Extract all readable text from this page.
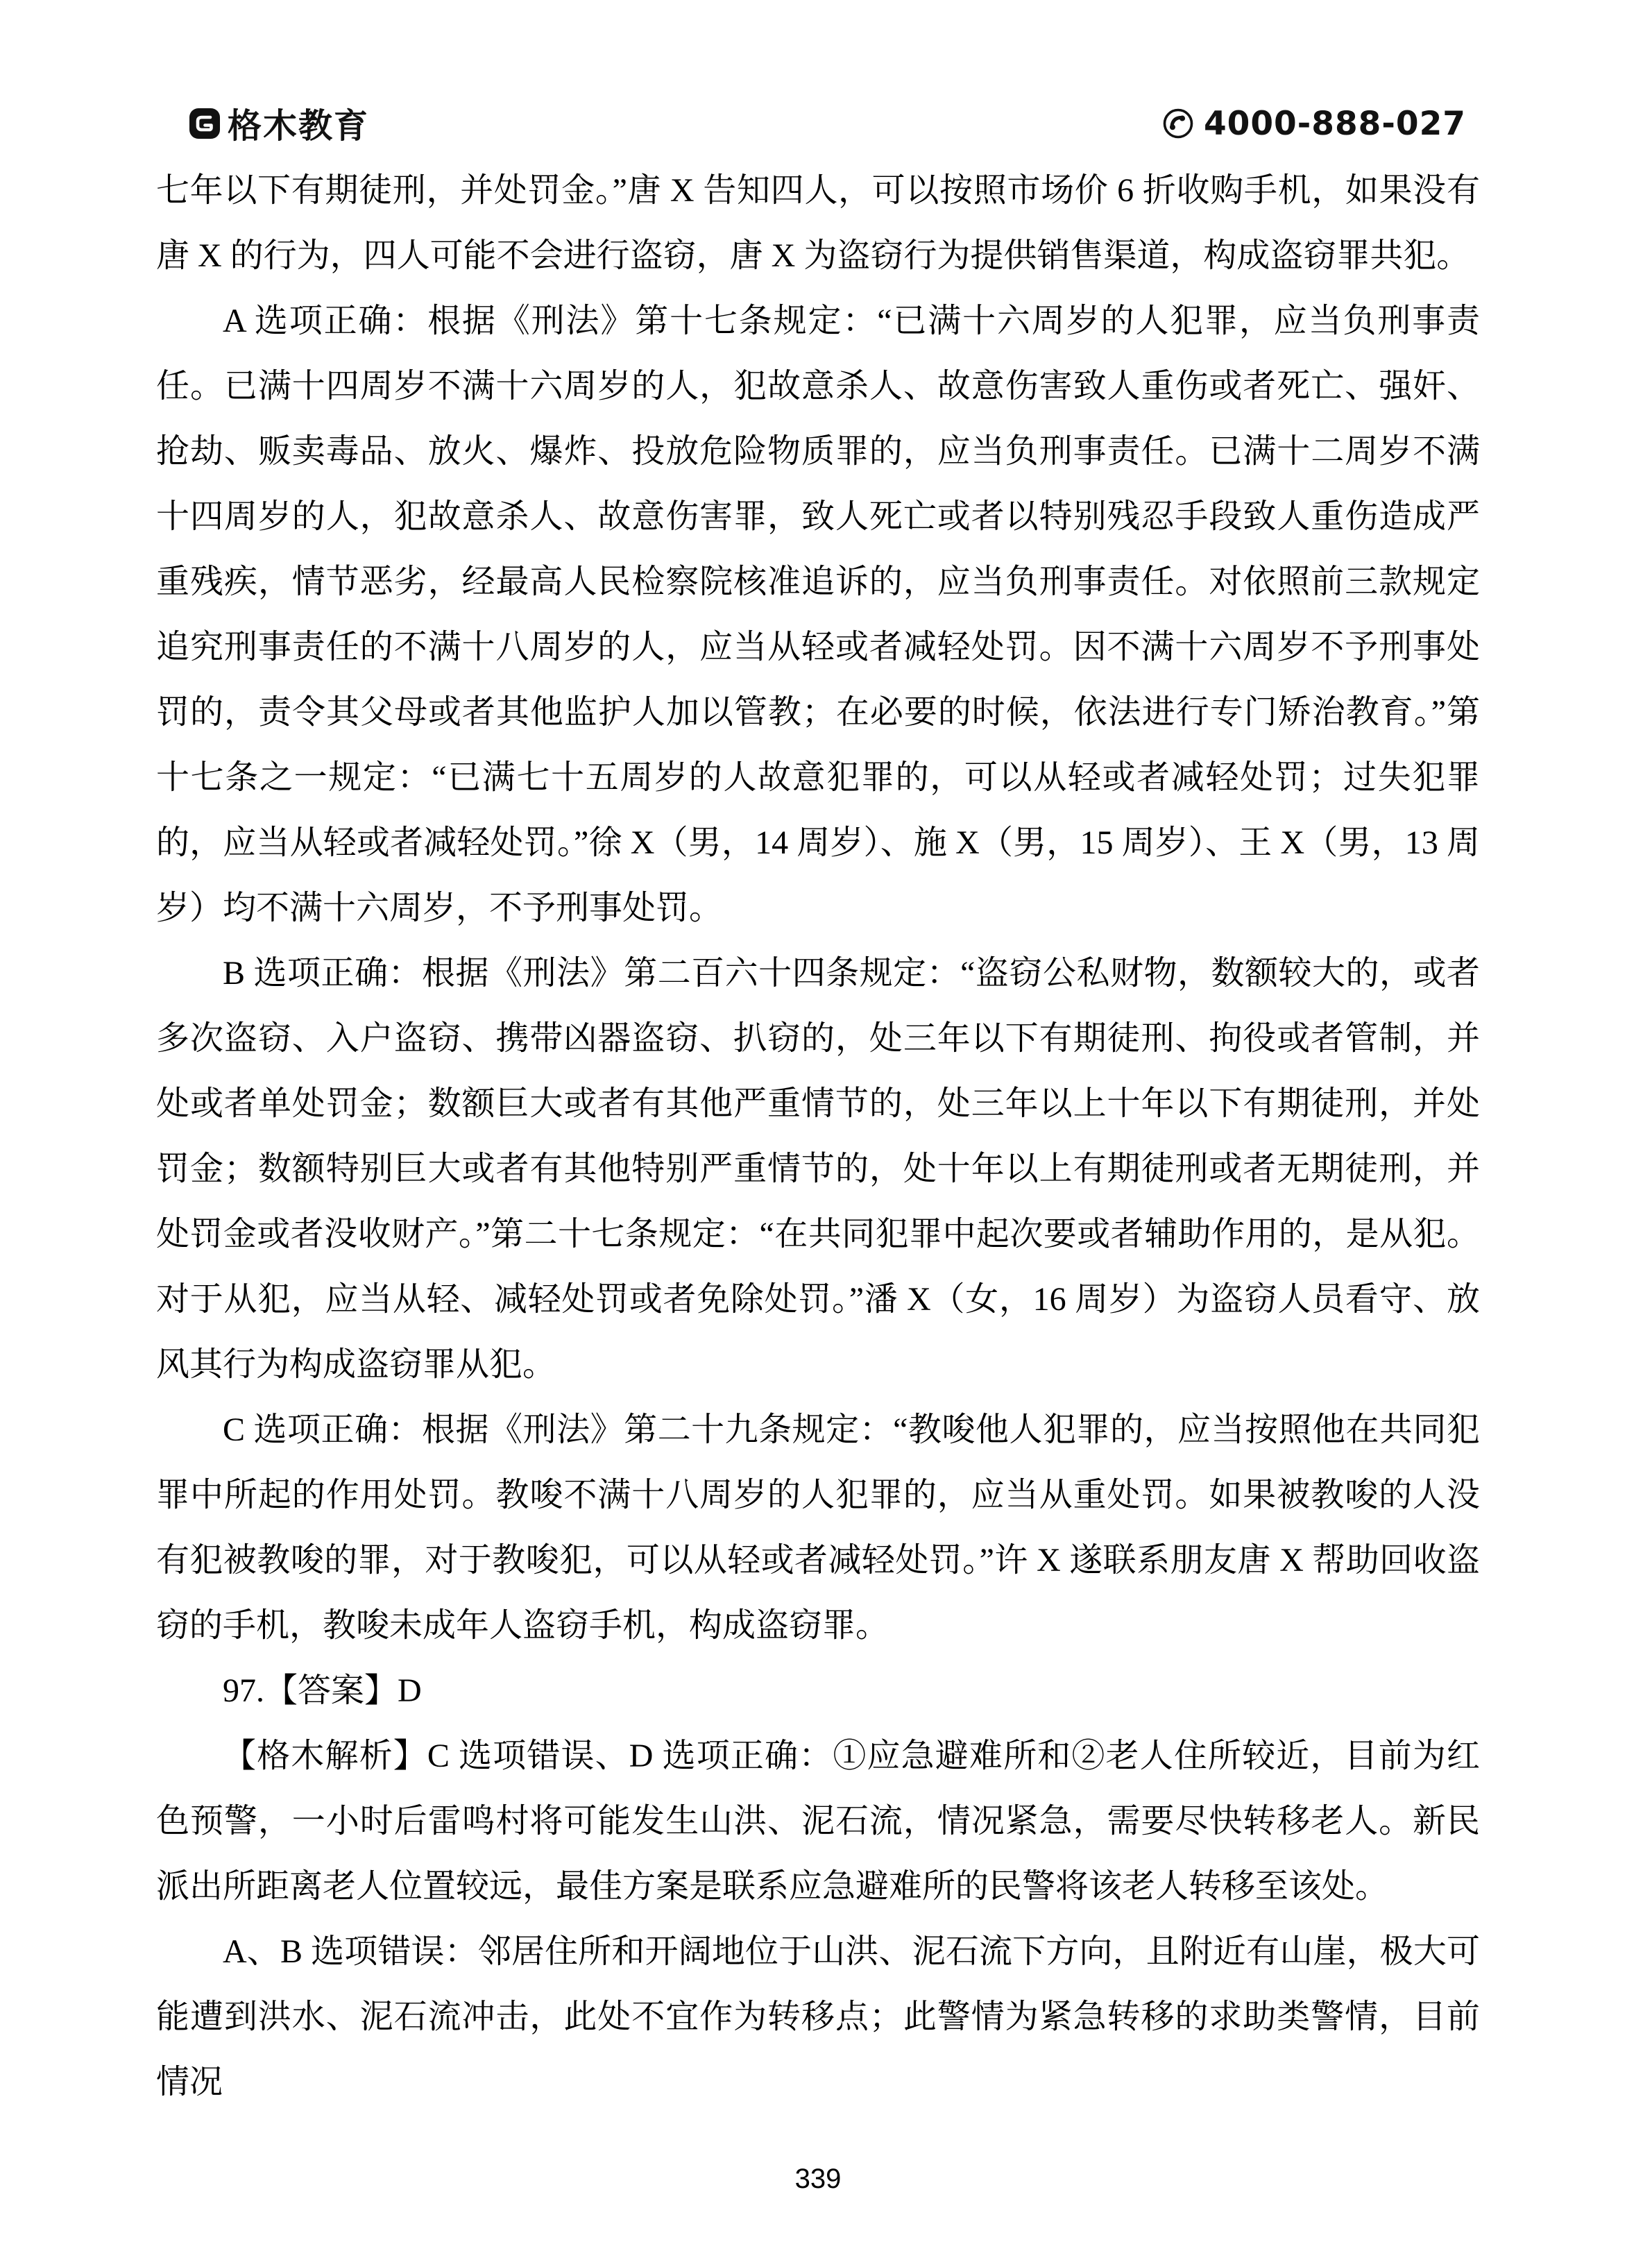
格木教育	4000-888-027

七年以下有期徒刑，并处罚金。”唐 X 告知四人，可以按照市场价 6 折收购手机，如果没有唐 X 的行为，四人可能不会进行盗窃，唐 X 为盗窃行为提供销售渠道，构成盗窃罪共犯。

A 选项正确：根据《刑法》第十七条规定：“已满十六周岁的人犯罪，应当负刑事责任。已满十四周岁不满十六周岁的人，犯故意杀人、故意伤害致人重伤或者死亡、强奸、抢劫、贩卖毒品、放火、爆炸、投放危险物质罪的，应当负刑事责任。已满十二周岁不满十四周岁的人，犯故意杀人、故意伤害罪，致人死亡或者以特别残忍手段致人重伤造成严重残疾，情节恶劣，经最高人民检察院核准追诉的，应当负刑事责任。对依照前三款规定追究刑事责任的不满十八周岁的人，应当从轻或者减轻处罚。因不满十六周岁不予刑事处罚的，责令其父母或者其他监护人加以管教；在必要的时候，依法进行专门矫治教育。”第十七条之一规定：“已满七十五周岁的人故意犯罪的，可以从轻或者减轻处罚；过失犯罪的，应当从轻或者减轻处罚。”徐 X（男，14 周岁）、施 X（男，15 周岁）、王 X（男，13 周岁）均不满十六周岁，不予刑事处罚。

B 选项正确：根据《刑法》第二百六十四条规定：“盗窃公私财物，数额较大的，或者多次盗窃、入户盗窃、携带凶器盗窃、扒窃的，处三年以下有期徒刑、拘役或者管制，并处或者单处罚金；数额巨大或者有其他严重情节的，处三年以上十年以下有期徒刑，并处罚金；数额特别巨大或者有其他特别严重情节的，处十年以上有期徒刑或者无期徒刑，并处罚金或者没收财产。”第二十七条规定：“在共同犯罪中起次要或者辅助作用的，是从犯。对于从犯，应当从轻、减轻处罚或者免除处罚。”潘 X（女，16 周岁）为盗窃人员看守、放风其行为构成盗窃罪从犯。

C 选项正确：根据《刑法》第二十九条规定：“教唆他人犯罪的，应当按照他在共同犯罪中所起的作用处罚。教唆不满十八周岁的人犯罪的，应当从重处罚。如果被教唆的人没有犯被教唆的罪，对于教唆犯，可以从轻或者减轻处罚。”许 X 遂联系朋友唐 X 帮助回收盗窃的手机，教唆未成年人盗窃手机，构成盗窃罪。

97.【答案】D

【格木解析】C 选项错误、D 选项正确：①应急避难所和②老人住所较近，目前为红色预警，一小时后雷鸣村将可能发生山洪、泥石流，情况紧急，需要尽快转移老人。新民派出所距离老人位置较远，最佳方案是联系应急避难所的民警将该老人转移至该处。

A、B 选项错误：邻居住所和开阔地位于山洪、泥石流下方向，且附近有山崖，极大可能遭到洪水、泥石流冲击，此处不宜作为转移点；此警情为紧急转移的求助类警情，目前情况

339
